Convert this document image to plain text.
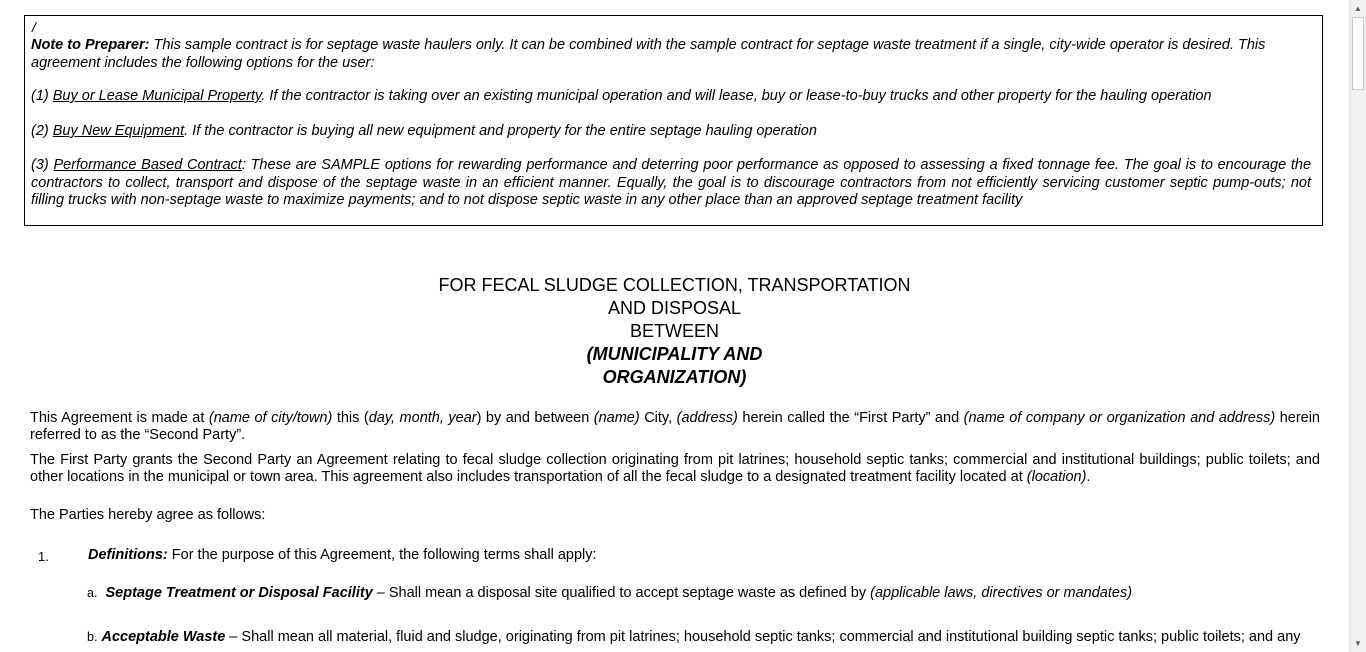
/

Note to Preparer: This sample contract is for septage waste haulers only. It can be combined with the sample contract for septage waste treatment if a single, city-wide operator is desired. This agreement includes the following options for the user:

(1) Buy or Lease Municipal Property. If the contractor is taking over an existing municipal operation and will lease, buy or lease-to-buy trucks and other property for the hauling operation

(2) Buy New Equipment. If the contractor is buying all new equipment and property for the entire septage hauling operation

(3) Performance Based Contract: These are SAMPLE options for rewarding performance and deterring poor performance as opposed to assessing a fixed tonnage fee. The goal is to encourage the contractors to collect, transport and dispose of the septage waste in an efficient manner. Equally, the goal is to discourage contractors from not efficiently servicing customer septic pump-outs; not filling trucks with non-septage waste to maximize payments; and to not dispose septic waste in any other place than an approved septage treatment facility

FOR FECAL SLUDGE COLLECTION, TRANSPORTATION
AND DISPOSAL
BETWEEN
(MUNICIPALITY AND
ORGANIZATION)

This Agreement is made at (name of city/town) this (day, month, year) by and between (name) City, (address) herein called the “First Party” and (name of company or organization and address) herein referred to as the “Second Party”.

The First Party grants the Second Party an Agreement relating to fecal sludge collection originating from pit latrines; household septic tanks; commercial and institutional buildings; public toilets; and other locations in the municipal or town area. This agreement also includes transportation of all the fecal sludge to a designated treatment facility located at (location).

The Parties hereby agree as follows:

1.	Definitions: For the purpose of this Agreement, the following terms shall apply:
a. Septage Treatment or Disposal Facility – Shall mean a disposal site qualified to accept septage waste as defined by (applicable laws, directives or mandates)
b. Acceptable Waste – Shall mean all material, fluid and sludge, originating from pit latrines; household septic tanks; commercial and institutional building septic tanks; public toilets; and any
▲
▼
